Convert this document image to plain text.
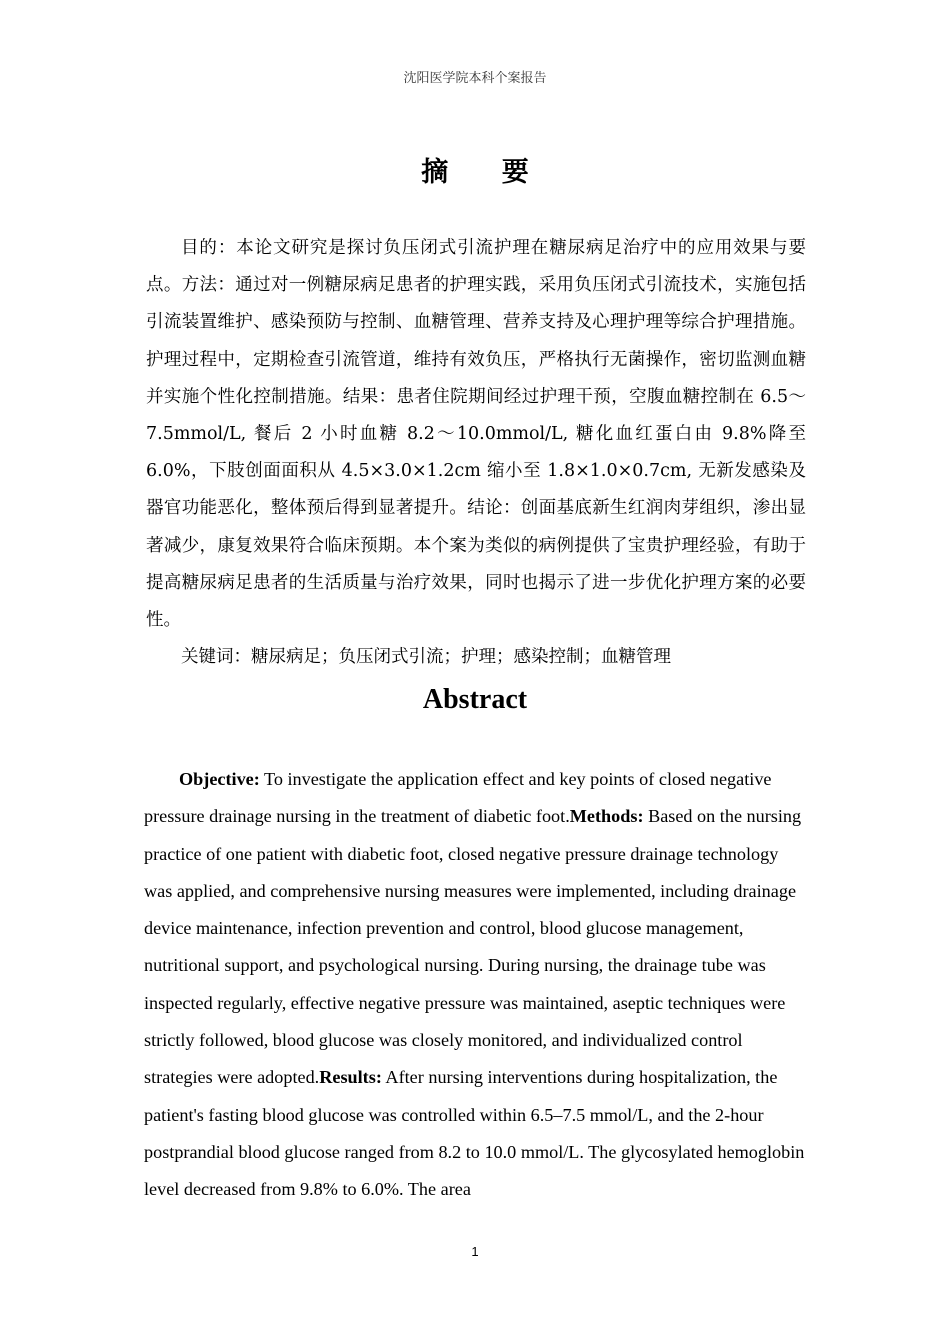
沈阳医学院本科个案报告
摘 要

目的：本论文研究是探讨负压闭式引流护理在糖尿病足治疗中的应用效果与要点。方法：通过对一例糖尿病足患者的护理实践，采用负压闭式引流技术，实施包括引流装置维护、感染预防与控制、血糖管理、营养支持及心理护理等综合护理措施。护理过程中，定期检查引流管道，维持有效负压，严格执行无菌操作，密切监测血糖并实施个性化控制措施。结果：患者住院期间经过护理干预，空腹血糖控制在 6.5～7.5mmol/L, 餐后 2 小时血糖 8.2～10.0mmol/L, 糖化血红蛋白由 9.8%降至 6.0%，下肢创面面积从 4.5×3.0×1.2cm 缩小至 1.8×1.0×0.7cm, 无新发感染及器官功能恶化，整体预后得到显著提升。结论：创面基底新生红润肉芽组织，渗出显著减少，康复效果符合临床预期。本个案为类似的病例提供了宝贵护理经验，有助于提高糖尿病足患者的生活质量与治疗效果，同时也揭示了进一步优化护理方案的必要性。

关键词：糖尿病足；负压闭式引流；护理；感染控制；血糖管理

Abstract

Objective: To investigate the application effect and key points of closed negative pressure drainage nursing in the treatment of diabetic foot.Methods: Based on the nursing practice of one patient with diabetic foot, closed negative pressure drainage technology was applied, and comprehensive nursing measures were implemented, including drainage device maintenance, infection prevention and control, blood glucose management, nutritional support, and psychological nursing. During nursing, the drainage tube was inspected regularly, effective negative pressure was maintained, aseptic techniques were strictly followed, blood glucose was closely monitored, and individualized control strategies were adopted.Results: After nursing interventions during hospitalization, the patient's fasting blood glucose was controlled within 6.5–7.5 mmol/L, and the 2-hour postprandial blood glucose ranged from 8.2 to 10.0 mmol/L. The glycosylated hemoglobin level decreased from 9.8% to 6.0%. The area

1
